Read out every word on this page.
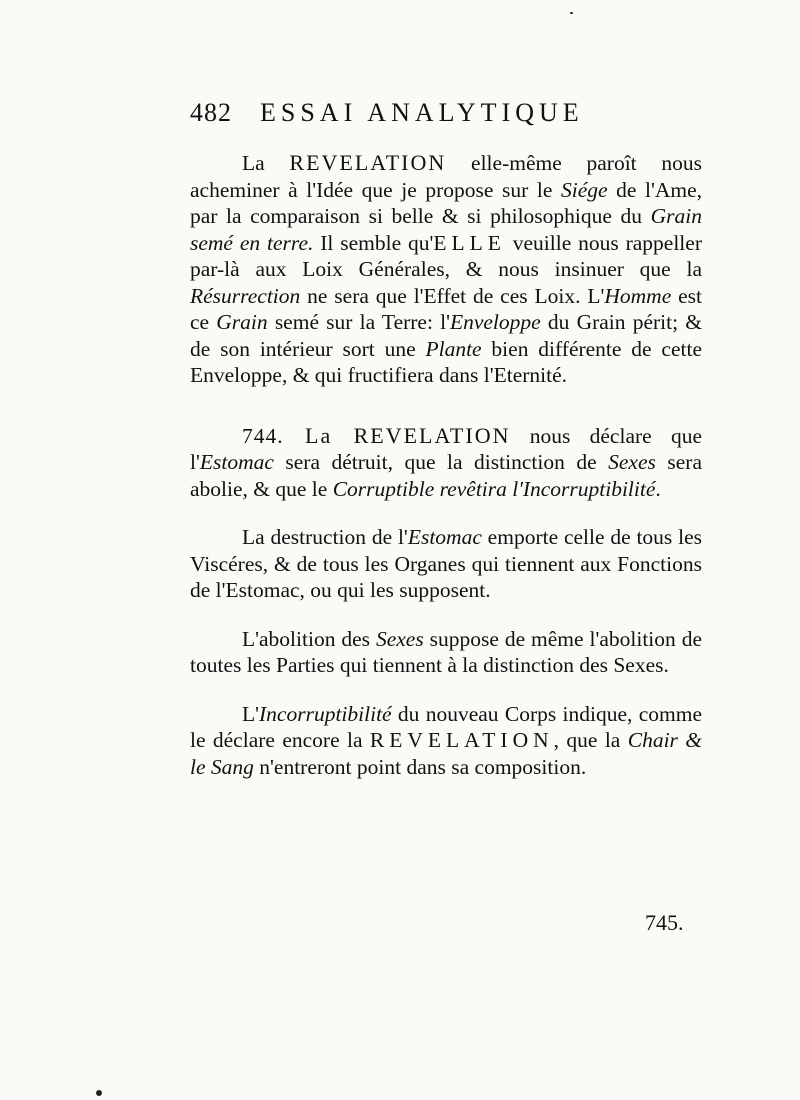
482 ESSAI ANALYTIQUE

La REVELATION elle-même paroît nous acheminer à l'Idée que je propose sur le Siége de l'Ame, par la comparaison si belle & si philosophique du Grain semé en terre. Il semble qu'ELLE veuille nous rappeller par-là aux Loix Générales, & nous insinuer que la Résurrection ne sera que l'Effet de ces Loix. L'Homme est ce Grain semé sur la Terre: l'Enveloppe du Grain périt; & de son intérieur sort une Plante bien différente de cette Enveloppe, & qui fructifiera dans l'Eternité.

744. La REVELATION nous déclare que l'Estomac sera détruit, que la distinction de Sexes sera abolie, & que le Corruptible revêtira l'Incorruptibilité.

La destruction de l'Estomac emporte celle de tous les Viscéres, & de tous les Organes qui tiennent aux Fonctions de l'Estomac, ou qui les supposent.

L'abolition des Sexes suppose de même l'abolition de toutes les Parties qui tiennent à la distinction des Sexes.

L'Incorruptibilité du nouveau Corps indique, comme le déclare encore la REVELATION, que la Chair & le Sang n'entreront point dans sa composition.

745.
